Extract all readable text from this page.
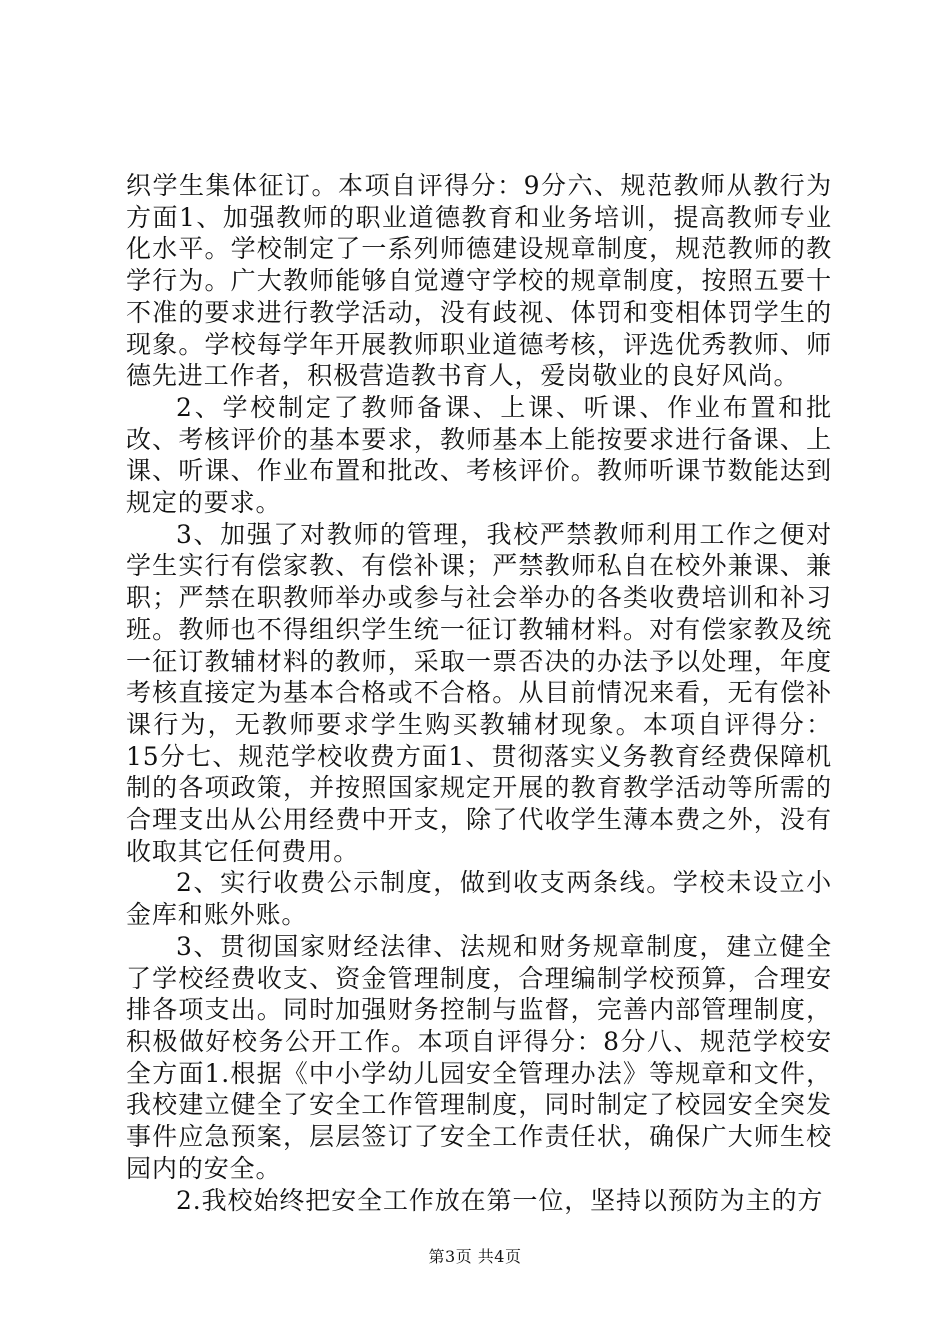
织学生集体征订。本项自评得分：9分六、规范教师从教行为方面1、加强教师的职业道德教育和业务培训，提高教师专业化水平。学校制定了一系列师德建设规章制度，规范教师的教学行为。广大教师能够自觉遵守学校的规章制度，按照五要十不准的要求进行教学活动，没有歧视、体罚和变相体罚学生的现象。学校每学年开展教师职业道德考核，评选优秀教师、师德先进工作者，积极营造教书育人，爱岗敬业的良好风尚。

2、学校制定了教师备课、上课、听课、作业布置和批改、考核评价的基本要求，教师基本上能按要求进行备课、上课、听课、作业布置和批改、考核评价。教师听课节数能达到规定的要求。

3、加强了对教师的管理，我校严禁教师利用工作之便对学生实行有偿家教、有偿补课；严禁教师私自在校外兼课、兼职；严禁在职教师举办或参与社会举办的各类收费培训和补习班。教师也不得组织学生统一征订教辅材料。对有偿家教及统一征订教辅材料的教师，采取一票否决的办法予以处理，年度考核直接定为基本合格或不合格。从目前情况来看，无有偿补课行为，无教师要求学生购买教辅材现象。本项自评得分：15分七、规范学校收费方面1、贯彻落实义务教育经费保障机制的各项政策，并按照国家规定开展的教育教学活动等所需的合理支出从公用经费中开支，除了代收学生薄本费之外，没有收取其它任何费用。

2、实行收费公示制度，做到收支两条线。学校未设立小金库和账外账。

3、贯彻国家财经法律、法规和财务规章制度，建立健全了学校经费收支、资金管理制度，合理编制学校预算，合理安排各项支出。同时加强财务控制与监督，完善内部管理制度，积极做好校务公开工作。本项自评得分：8分八、规范学校安全方面1.根据《中小学幼儿园安全管理办法》等规章和文件，我校建立健全了安全工作管理制度，同时制定了校园安全突发事件应急预案，层层签订了安全工作责任状，确保广大师生校园内的安全。

2.我校始终把安全工作放在第一位，坚持以预防为主的方

第3页 共4页
